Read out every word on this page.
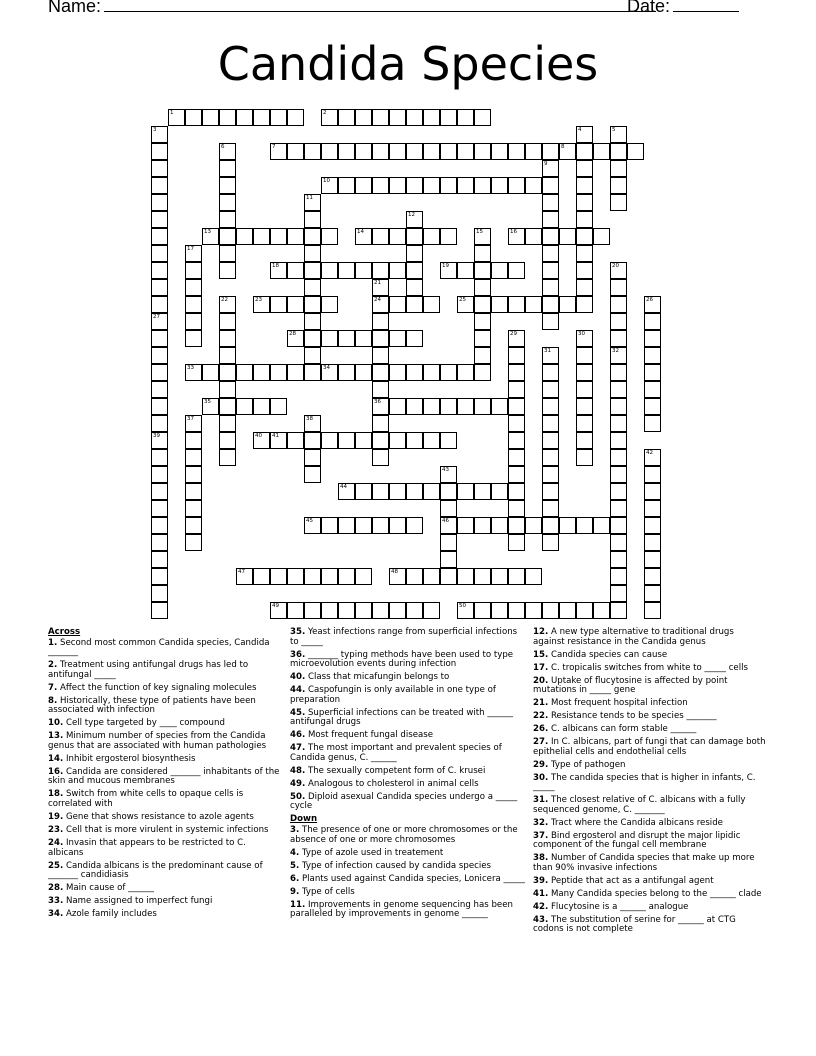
Name:	Date:
Candida Species
1	2
7	8
10
13	14	16
18	19
23	24	25
28
33	34
35	36
40 41
44
45	46
47	48
49	50
3	4	5
6
9
11
12
15
17
20
21
22	26
27
29	30
31	32
37	38
39
42
43
Across
1. Second most common Candida species, Candida _______
2. Treatment using antifungal drugs has led to antifungal _____
7. Affect the function of key signaling molecules
8. Historically, these type of patients have been associated with infection
10. Cell type targeted by ____ compound
13. Minimum number of species from the Candida genus that are associated with human pathologies
14. Inhibit ergosterol biosynthesis
16. Candida are considered _______ inhabitants of the skin and mucous membranes
18. Switch from white cells to opaque cells is correlated with
19. Gene that shows resistance to azole agents
23. Cell that is more virulent in systemic infections
24. Invasin that appears to be restricted to C. albicans
25. Candida albicans is the predominant cause of _______ candidiasis
28. Main cause of ______
33. Name assigned to imperfect fungi
34. Azole family includes
35. Yeast infections range from superficial infections to _____
36. _______ typing methods have been used to type microevolution events during infection
40. Class that micafungin belongs to
44. Caspofungin is only available in one type of preparation
45. Superficial infections can be treated with ______ antifungal drugs
46. Most frequent fungal disease
47. The most important and prevalent species of Candida genus, C. ______
48. The sexually competent form of C. krusei
49. Analogous to cholesterol in animal cells
50. Diploid asexual Candida species undergo a _____ cycle
Down
3. The presence of one or more chromosomes or the absence of one or more chromosomes
4. Type of azole used in treatement
5. Type of infection caused by candida species
6. Plants used against Candida species, Lonicera _____
9. Type of cells
11. Improvements in genome sequencing has been paralleled by improvements in genome ______
12. A new type alternative to traditional drugs against resistance in the Candida genus
15. Candida species can cause
17. C. tropicalis switches from white to _____ cells
20. Uptake of flucytosine is affected by point mutations in _____ gene
21. Most frequent hospital infection
22. Resistance tends to be species _______
26. C. albicans can form stable ______
27. In C. albicans, part of fungi that can damage both epithelial cells and endothelial cells
29. Type of pathogen
30. The candida species that is higher in infants, C. _____
31. The closest relative of C. albicans with a fully sequenced genome, C. _______
32. Tract where the Candida albicans reside
37. Bind ergosterol and disrupt the major lipidic component of the fungal cell membrane
38. Number of Candida species that make up more than 90% invasive infections
39. Peptide that act as a antifungal agent
41. Many Candida species belong to the ______ clade
42. Flucytosine is a ______ analogue
43. The substitution of serine for ______ at CTG codons is not complete
